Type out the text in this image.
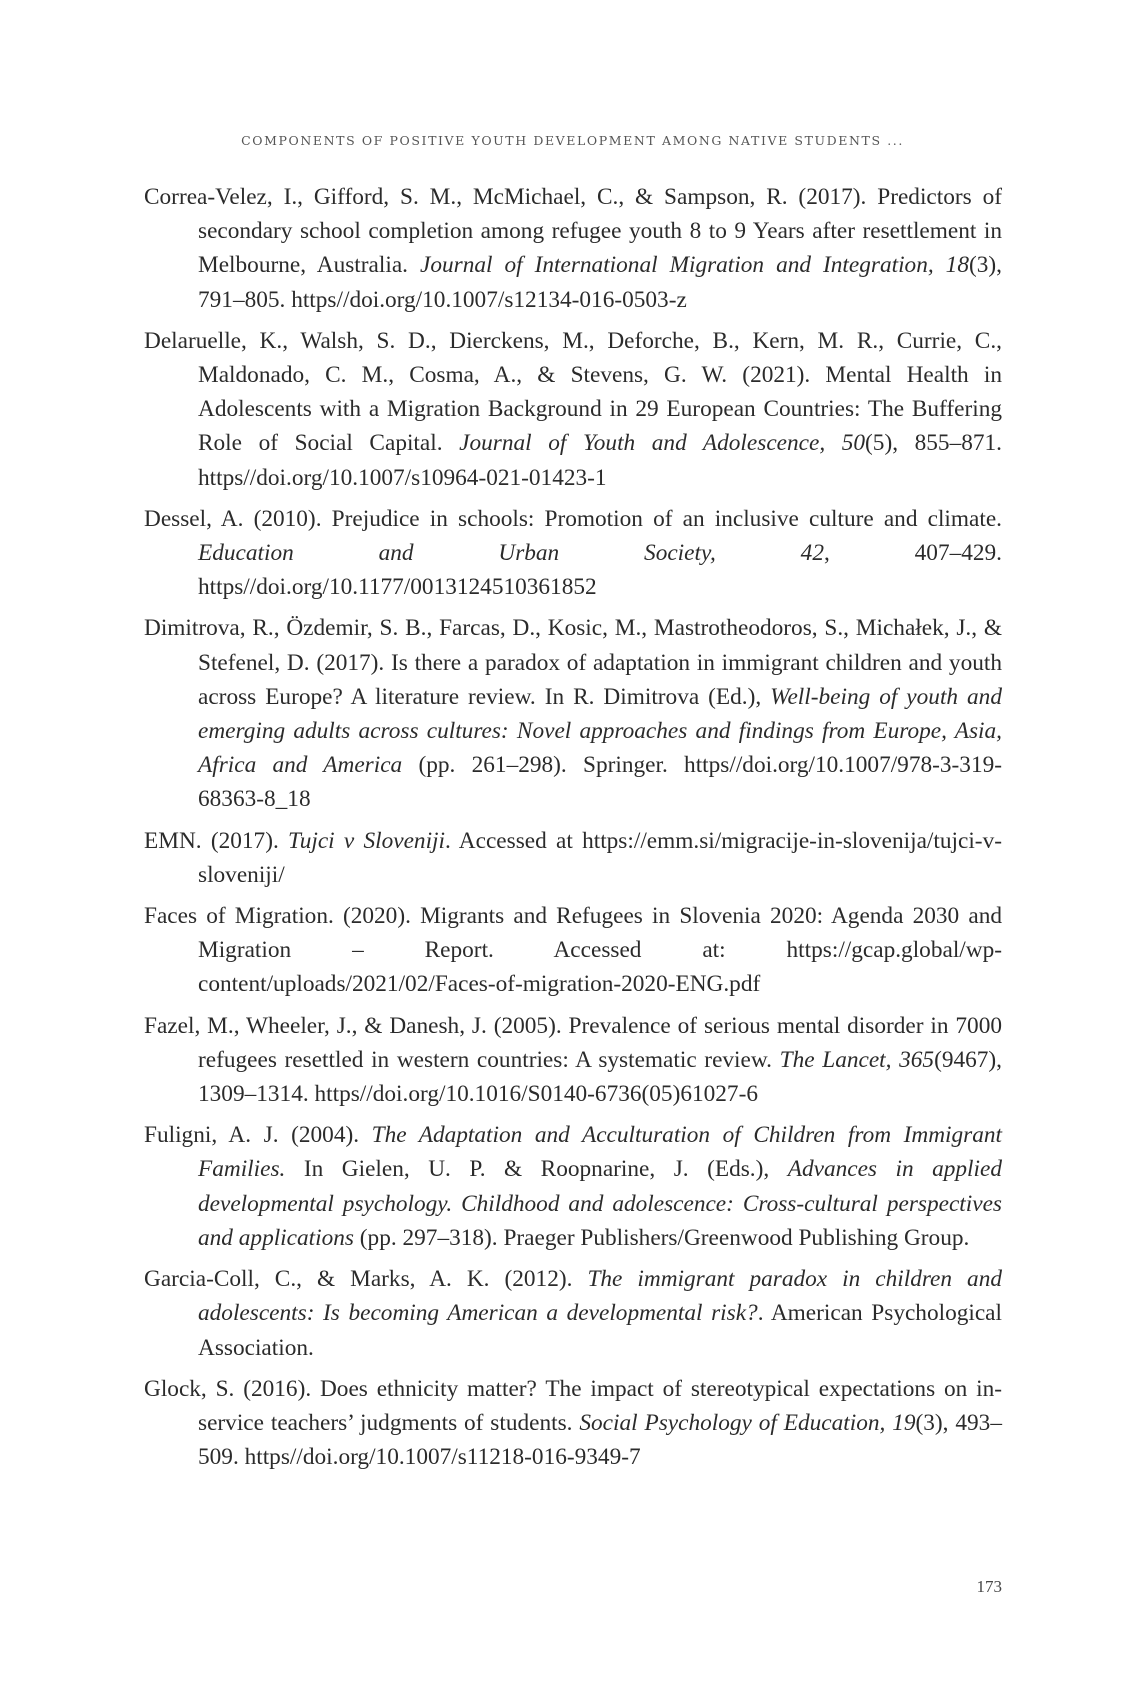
COMPONENTS OF POSITIVE YOUTH DEVELOPMENT AMONG NATIVE STUDENTS ...

Correa-Velez, I., Gifford, S. M., McMichael, C., & Sampson, R. (2017). Predictors of secondary school completion among refugee youth 8 to 9 Years after resettlement in Melbourne, Australia. Journal of International Migration and Integration, 18(3), 791–805. https//doi.org/10.1007/s12134-016-0503-z

Delaruelle, K., Walsh, S. D., Dierckens, M., Deforche, B., Kern, M. R., Currie, C., Maldonado, C. M., Cosma, A., & Stevens, G. W. (2021). Mental Health in Adolescents with a Migration Background in 29 European Countries: The Buffering Role of Social Capital. Journal of Youth and Adolescence, 50(5), 855–871. https//doi.org/10.1007/s10964-021-01423-1

Dessel, A. (2010). Prejudice in schools: Promotion of an inclusive culture and climate. Education and Urban Society, 42, 407–429. https//doi.org/10.1177/0013124510361852

Dimitrova, R., Özdemir, S. B., Farcas, D., Kosic, M., Mastrotheodoros, S., Michałek, J., & Stefenel, D. (2017). Is there a paradox of adaptation in immigrant children and youth across Europe? A literature review. In R. Dimitrova (Ed.), Well-being of youth and emerging adults across cultures: Novel approaches and findings from Europe, Asia, Africa and America (pp. 261–298). Springer. https//doi.org/10.1007/978-3-319-68363-8_18

EMN. (2017). Tujci v Sloveniji. Accessed at https://emm.si/migracije-in-slovenija/tujci-v-sloveniji/

Faces of Migration. (2020). Migrants and Refugees in Slovenia 2020: Agenda 2030 and Migration – Report. Accessed at: https://gcap.global/wp-content/uploads/2021/02/Faces-of-migration-2020-ENG.pdf

Fazel, M., Wheeler, J., & Danesh, J. (2005). Prevalence of serious mental disorder in 7000 refugees resettled in western countries: A systematic review. The Lancet, 365(9467), 1309–1314. https//doi.org/10.1016/S0140-6736(05)61027-6

Fuligni, A. J. (2004). The Adaptation and Acculturation of Children from Immigrant Families. In Gielen, U. P. & Roopnarine, J. (Eds.), Advances in applied developmental psychology. Childhood and adolescence: Cross-cultural perspectives and applications (pp. 297–318). Praeger Publishers/Greenwood Publishing Group.

Garcia-Coll, C., & Marks, A. K. (2012). The immigrant paradox in children and adolescents: Is becoming American a developmental risk?. American Psychological Association.

Glock, S. (2016). Does ethnicity matter? The impact of stereotypical expectations on in-service teachers’ judgments of students. Social Psychology of Education, 19(3), 493–509. https//doi.org/10.1007/s11218-016-9349-7

173
